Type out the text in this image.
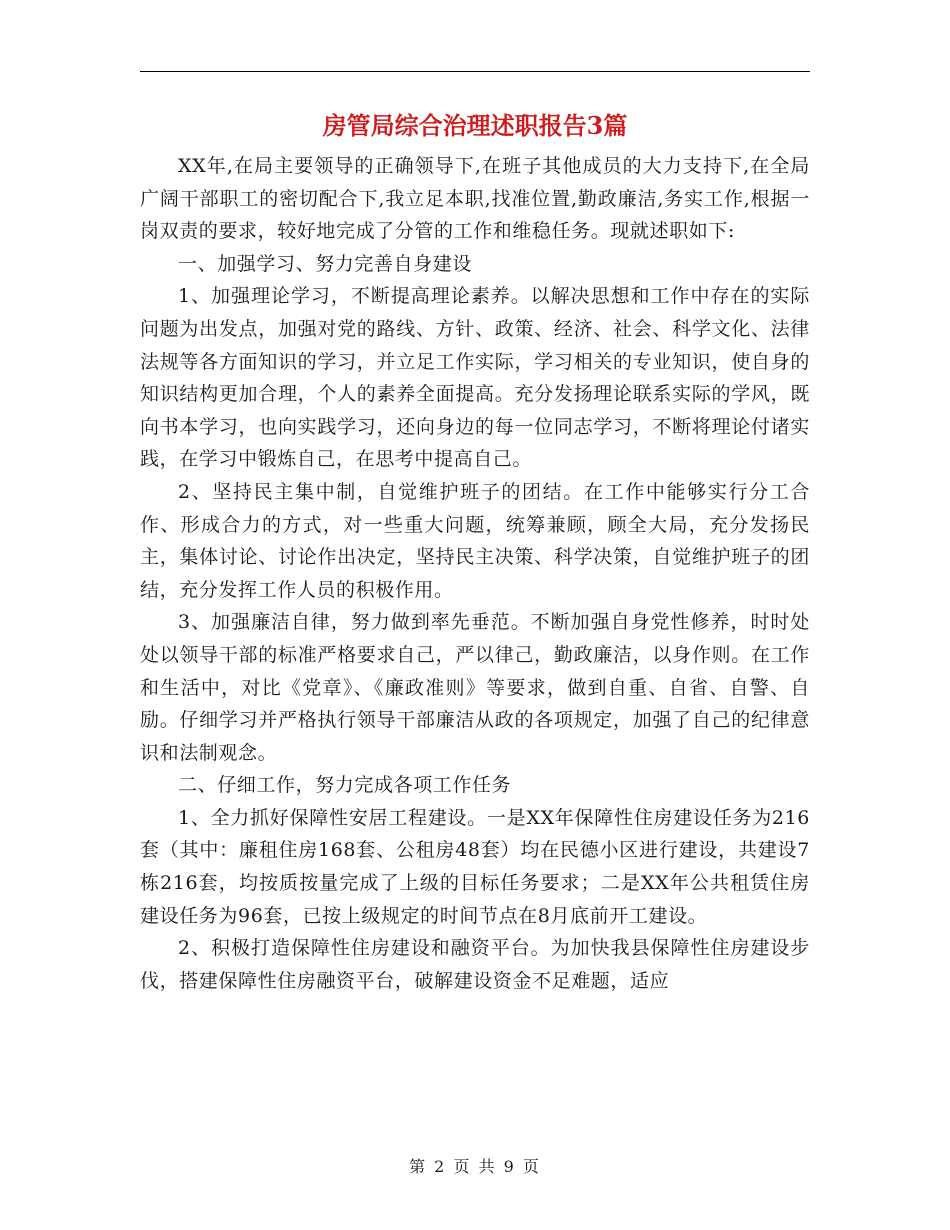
房管局综合治理述职报告3篇

XX年,在局主要领导的正确领导下,在班子其他成员的大力支持下,在全局广阔干部职工的密切配合下,我立足本职,找准位置,勤政廉洁,务实工作,根据一岗双责的要求，较好地完成了分管的工作和维稳任务。现就述职如下:

一、加强学习、努力完善自身建设

1、加强理论学习，不断提高理论素养。以解决思想和工作中存在的实际问题为出发点，加强对党的路线、方针、政策、经济、社会、科学文化、法律法规等各方面知识的学习，并立足工作实际，学习相关的专业知识，使自身的知识结构更加合理，个人的素养全面提高。充分发扬理论联系实际的学风，既向书本学习，也向实践学习，还向身边的每一位同志学习，不断将理论付诸实践，在学习中锻炼自己，在思考中提高自己。

2、坚持民主集中制，自觉维护班子的团结。在工作中能够实行分工合作、形成合力的方式，对一些重大问题，统筹兼顾，顾全大局，充分发扬民主，集体讨论、讨论作出决定，坚持民主决策、科学决策，自觉维护班子的团结，充分发挥工作人员的积极作用。

3、加强廉洁自律，努力做到率先垂范。不断加强自身党性修养，时时处处以领导干部的标准严格要求自己，严以律己，勤政廉洁，以身作则。在工作和生活中，对比《党章》、《廉政准则》等要求，做到自重、自省、自警、自励。仔细学习并严格执行领导干部廉洁从政的各项规定，加强了自己的纪律意识和法制观念。

二、仔细工作，努力完成各项工作任务

1、全力抓好保障性安居工程建设。一是XX年保障性住房建设任务为216套（其中：廉租住房168套、公租房48套）均在民德小区进行建设，共建设7栋216套，均按质按量完成了上级的目标任务要求；二是XX年公共租赁住房建设任务为96套，已按上级规定的时间节点在8月底前开工建设。

2、积极打造保障性住房建设和融资平台。为加快我县保障性住房建设步伐，搭建保障性住房融资平台，破解建设资金不足难题，适应

第 2 页 共 9 页
